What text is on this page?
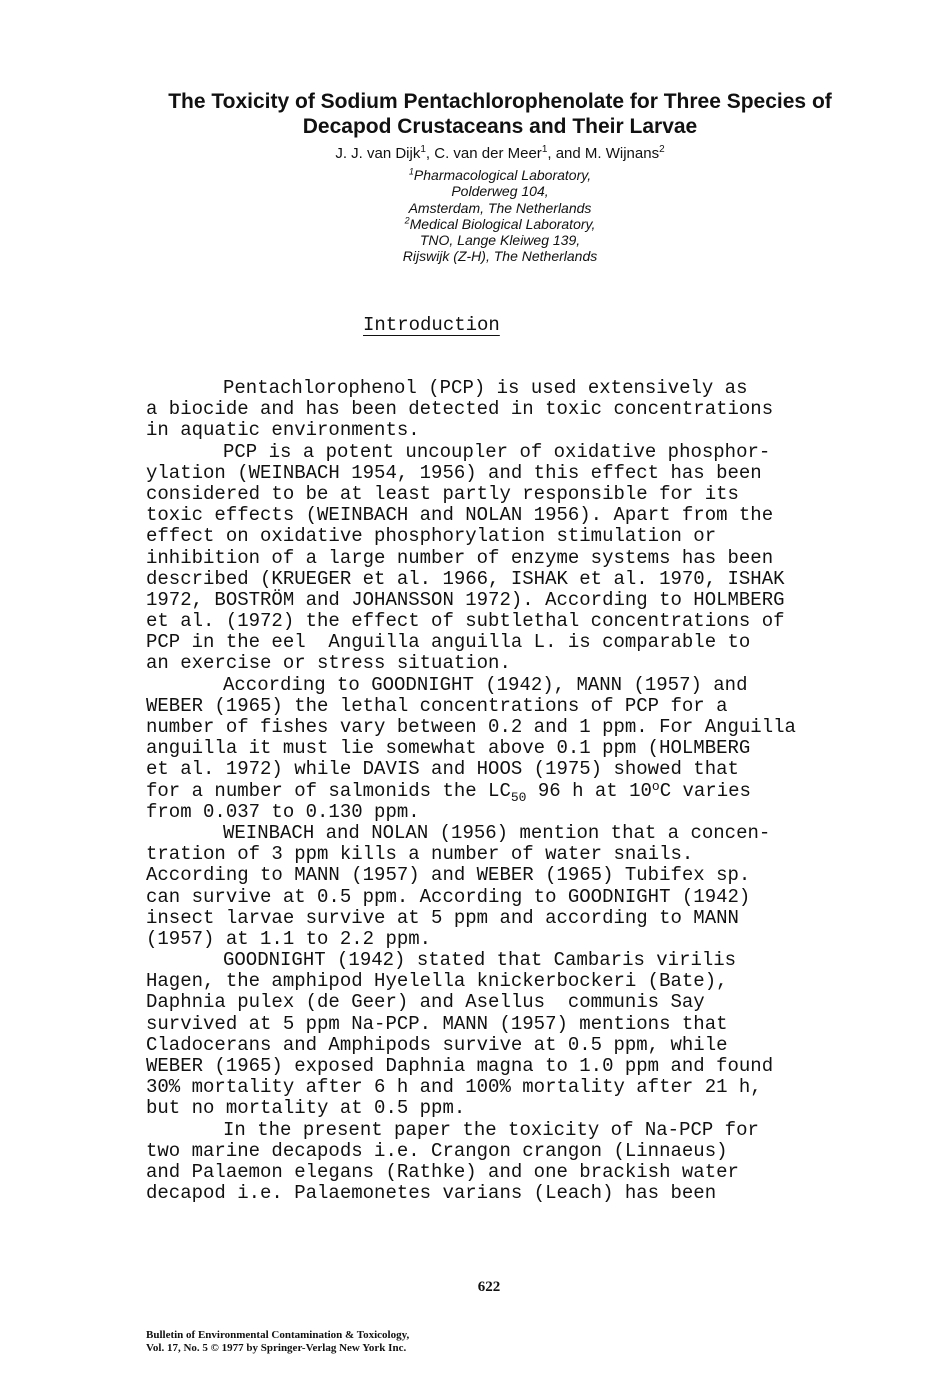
The Toxicity of Sodium Pentachlorophenolate for Three Species of Decapod Crustaceans and Their Larvae
J. J. van Dijk$^1$, C. van der Meer$^1$, and M. Wijnans$^2$
$^1$Pharmacological Laboratory,
Polderweg 104,
Amsterdam, The Netherlands
$^2$Medical Biological Laboratory,
TNO, Lange Kleiweg 139,
Rijswijk (Z-H), The Netherlands
Introduction
Pentachlorophenol (PCP) is used extensively as
a biocide and has been detected in toxic concentrations
in aquatic environments.
PCP is a potent uncoupler of oxidative phosphor-
ylation (WEINBACH 1954, 1956) and this effect has been
considered to be at least partly responsible for its
toxic effects (WEINBACH and NOLAN 1956). Apart from the
effect on oxidative phosphorylation stimulation or
inhibition of a large number of enzyme systems has been
described (KRUEGER et al. 1966, ISHAK et al. 1970, ISHAK
1972, BOSTRÖM and JOHANSSON 1972). According to HOLMBERG
et al. (1972) the effect of subtlethal concentrations of
PCP in the eel  Anguilla anguilla L. is comparable to
an exercise or stress situation.
According to GOODNIGHT (1942), MANN (1957) and
WEBER (1965) the lethal concentrations of PCP for a
number of fishes vary between 0.2 and 1 ppm. For Anguilla
anguilla it must lie somewhat above 0.1 ppm (HOLMBERG
et al. 1972) while DAVIS and HOOS (1975) showed that
for a number of salmonids the $LC_{50}$ 96 h at 10$^o$C varies
from 0.037 to 0.130 ppm.
WEINBACH and NOLAN (1956) mention that a concen-
tration of 3 ppm kills a number of water snails.
According to MANN (1957) and WEBER (1965) Tubifex sp.
can survive at 0.5 ppm. According to GOODNIGHT (1942)
insect larvae survive at 5 ppm and according to MANN
(1957) at 1.1 to 2.2 ppm.
GOODNIGHT (1942) stated that Cambaris virilis
Hagen, the amphipod Hyelella knickerbockeri (Bate),
Daphnia pulex (de Geer) and Asellus  communis Say
survived at 5 ppm Na-PCP. MANN (1957) mentions that
Cladocerans and Amphipods survive at 0.5 ppm, while
WEBER (1965) exposed Daphnia magna to 1.0 ppm and found
30% mortality after 6 h and 100% mortality after 21 h,
but no mortality at 0.5 ppm.
In the present paper the toxicity of Na-PCP for
two marine decapods i.e. Crangon crangon (Linnaeus)
and Palaemon elegans (Rathke) and one brackish water
decapod i.e. Palaemonetes varians (Leach) has been
622
Bulletin of Environmental Contamination & Toxicology,
Vol. 17, No. 5 © 1977 by Springer-Verlag New York Inc.
